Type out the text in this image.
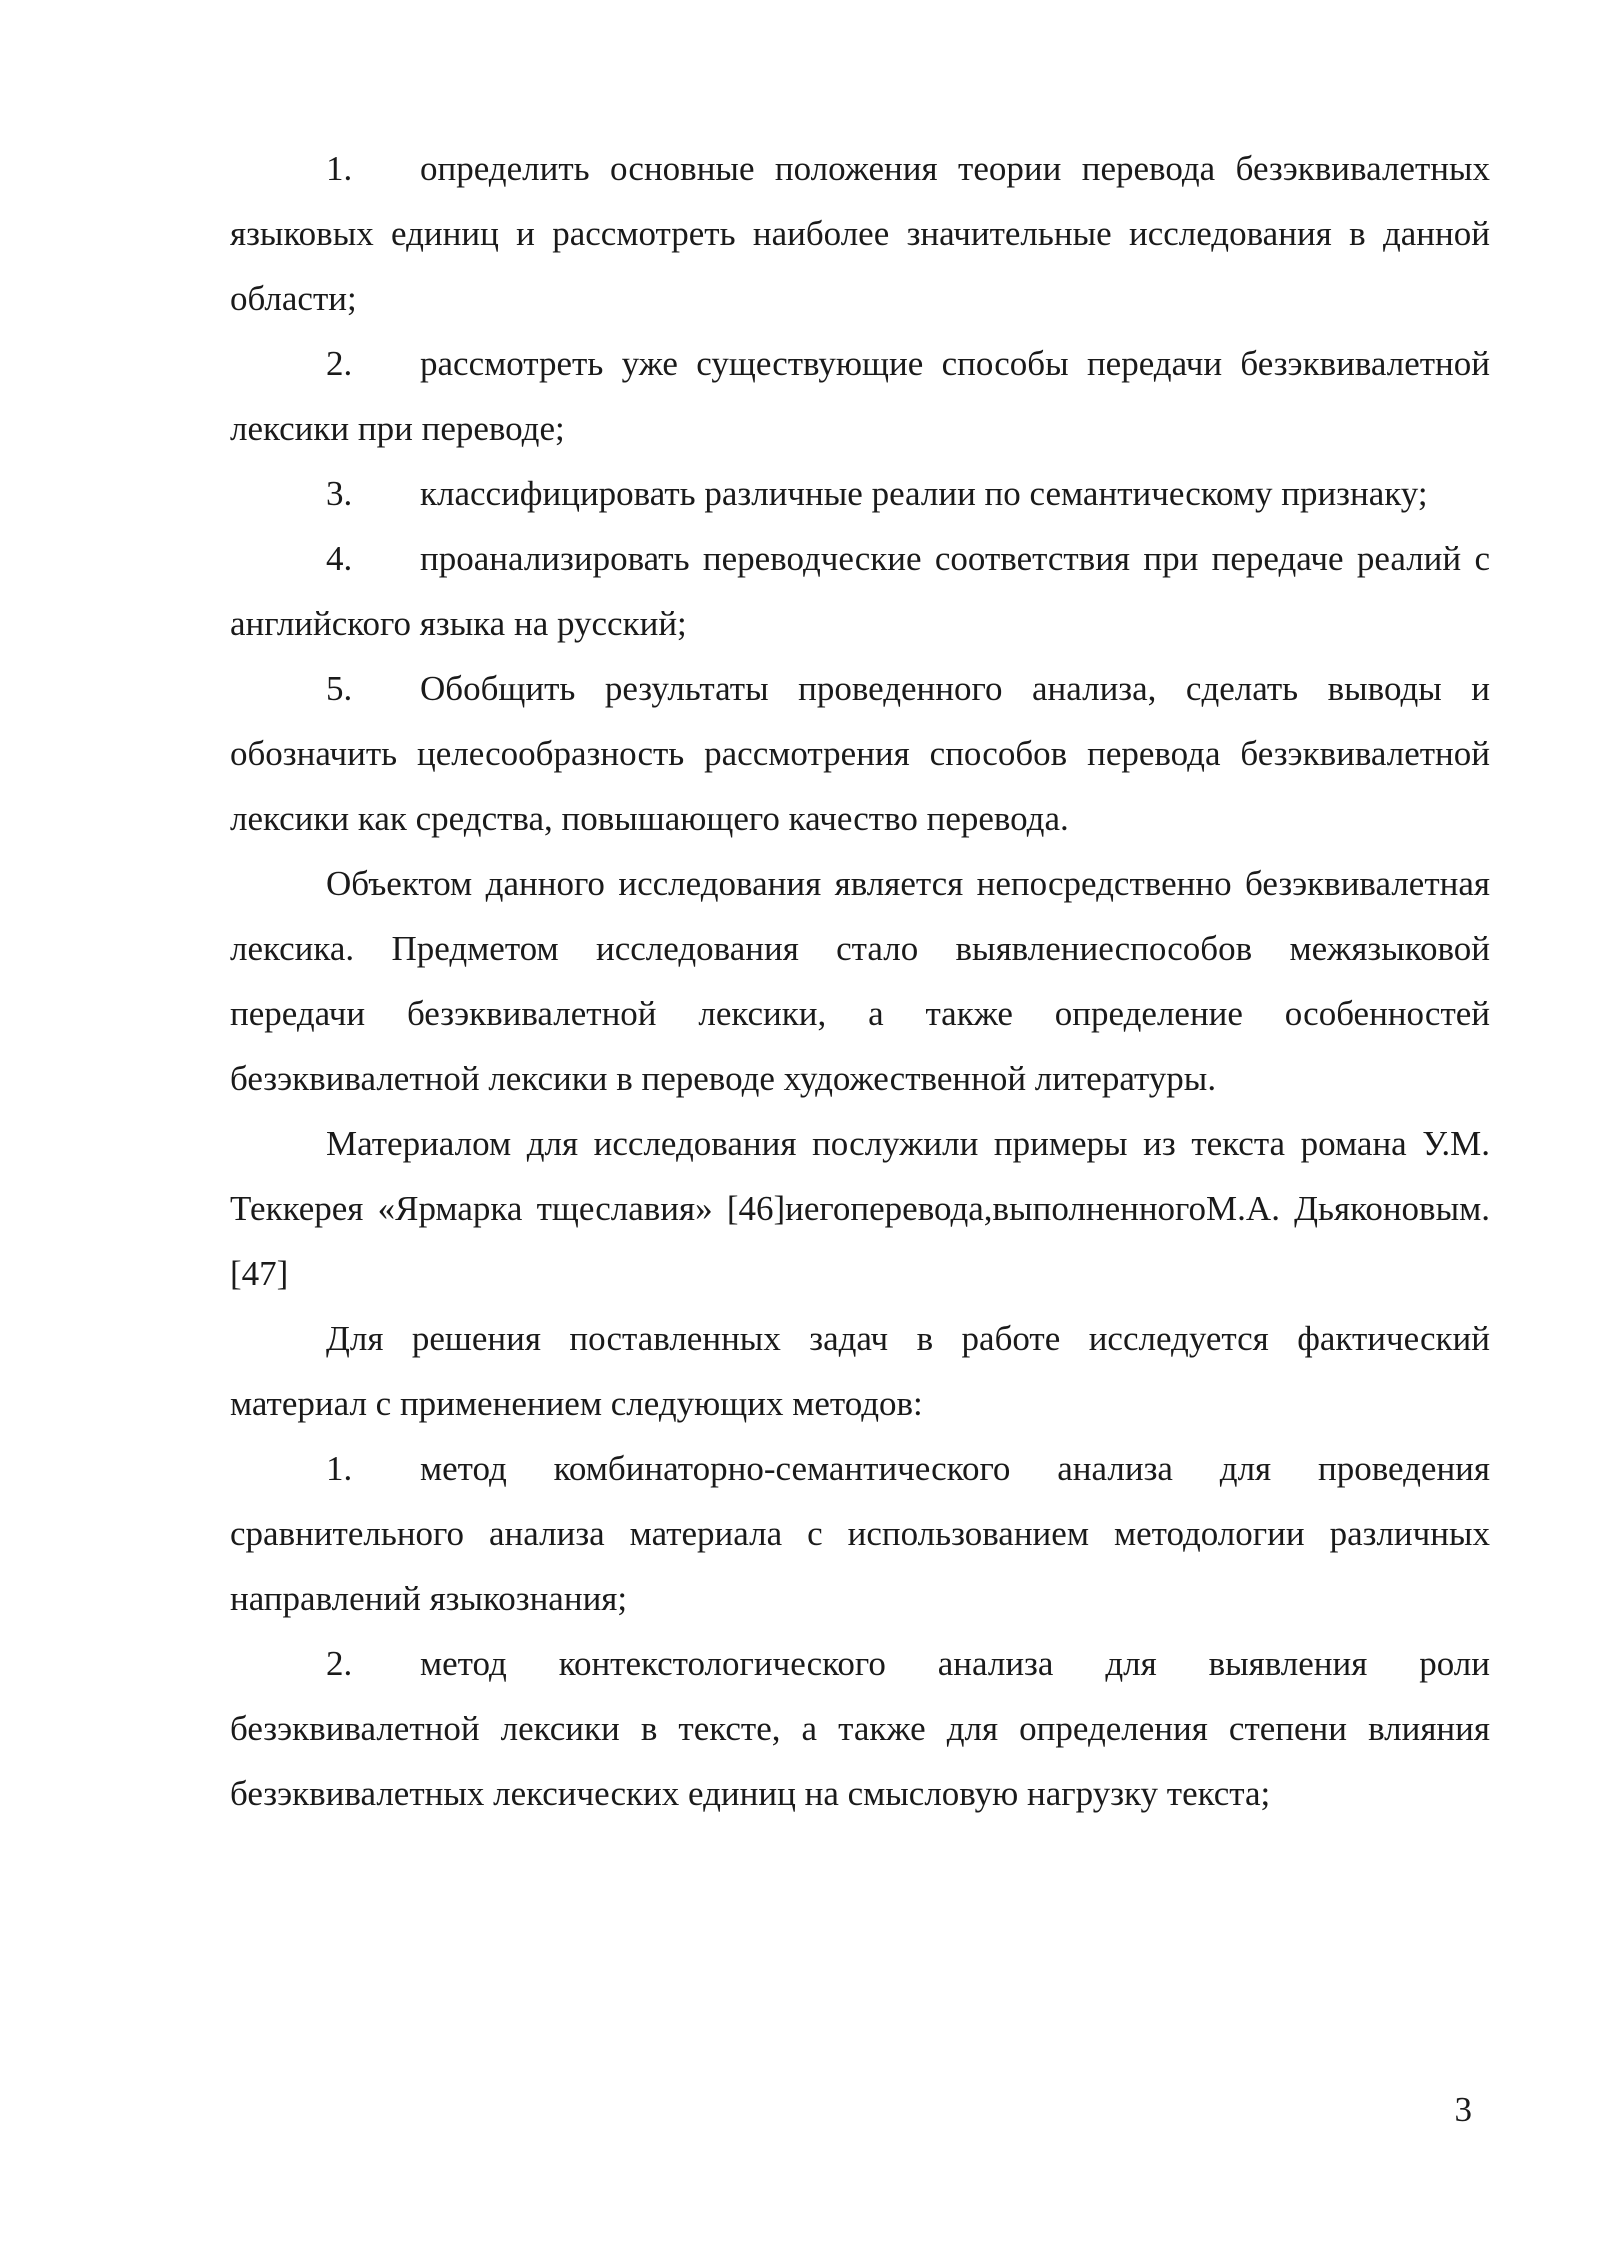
1. определить основные положения теории перевода безэквивалетных языковых единиц и рассмотреть наиболее значительные исследования в данной области;

2. рассмотреть уже существующие способы передачи безэквивалетной лексики при переводе;

3. классифицировать различные реалии по семантическому признаку;

4. проанализировать переводческие соответствия при передаче реалий с английского языка на русский;

5. Обобщить результаты проведенного анализа, сделать выводы и обозначить целесообразность рассмотрения способов перевода безэквивалетной лексики как средства, повышающего качество перевода.

Объектом данного исследования является непосредственно безэквивалетная лексика. Предметом исследования стало выявлениеспособов межязыковой передачи безэквивалетной лексики, а также определение особенностей безэквивалетной лексики в переводе художественной литературы.

Материалом для исследования послужили примеры из текста романа У.М. Теккерея «Ярмарка тщеславия» [46]иегоперевода,выполненногоМ.А. Дьяконовым. [47]

Для решения поставленных задач в работе исследуется фактический материал с применением следующих методов:

1. метод комбинаторно-семантического анализа для проведения сравнительного анализа материала с использованием методологии различных направлений языкознания;

2. метод контекстологического анализа для выявления роли безэквивалетной лексики в тексте, а также для определения степени влияния безэквивалетных лексических единиц на смысловую нагрузку текста;

3
